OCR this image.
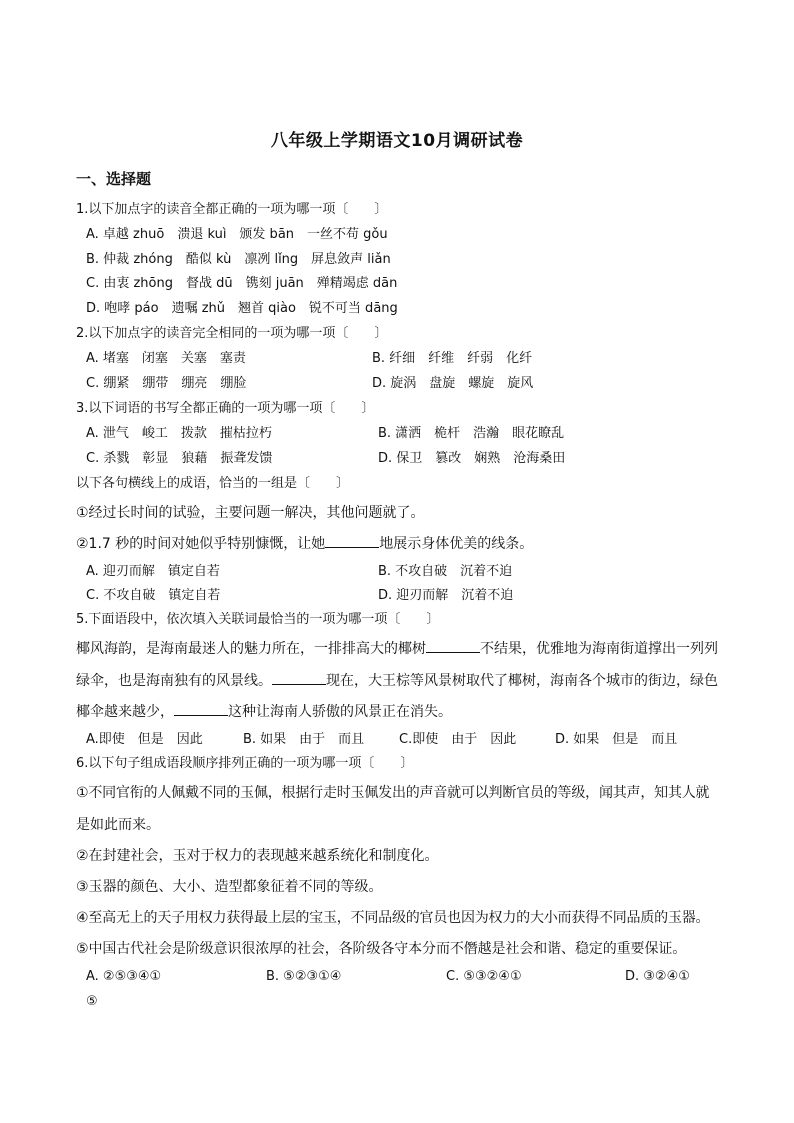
八年级上学期语文10月调研试卷
一、选择题
1.以下加点字的读音全都正确的一项为哪一项〔　　〕
A. 卓越 zhuō　溃退 kuì　颁发 bān　一丝不苟 gǒu
B. 仲裁 zhóng　酷似 kù　凛冽 lǐng　屏息敛声 liǎn
C. 由衷 zhōng　督战 dū　镌刻 juān　殚精竭虑 dān
D. 咆哮 páo　遗嘱 zhǔ　翘首 qiào　锐不可当 dāng
2.以下加点字的读音完全相同的一项为哪一项〔　　〕
A. 堵塞　闭塞　关塞　塞责	B. 纤细　纤维　纤弱　化纤
C. 绷紧　绷带　绷亮　绷脸	D. 旋涡　盘旋　螺旋　旋风
3.以下词语的书写全都正确的一项为哪一项〔　　〕
A. 泄气　峻工　拨款　摧枯拉朽	B. 潇洒　桅杆　浩瀚　眼花瞭乱
C. 杀戮　彰显　狼藉　振聋发馈	D. 保卫　篡改　娴熟　沧海桑田
以下各句横线上的成语，恰当的一组是〔　　〕
①经过长时间的试验，主要问题一解决，其他问题就了。
②1.7 秒的时间对她似乎特别慷慨，让她	地展示身体优美的线条。
A. 迎刃而解　镇定自若	B. 不攻自破　沉着不迫
C. 不攻自破　镇定自若	D. 迎刃而解　沉着不迫
5.下面语段中，依次填入关联词最恰当的一项为哪一项〔　　〕
椰风海韵，是海南最迷人的魅力所在，一排排高大的椰树	不结果，优雅地为海南街道撑出一列列
绿伞，也是海南独有的风景线。	现在，大王棕等风景树取代了椰树，海南各个城市的街边，绿色
椰伞越来越少，	这种让海南人骄傲的风景正在消失。
A.即使　但是　因此	B. 如果　由于　而且	C.即使　由于　因此	D. 如果　但是　而且
6.以下句子组成语段顺序排列正确的一项为哪一项〔　　〕
①不同官衔的人佩戴不同的玉佩，根据行走时玉佩发出的声音就可以判断官员的等级，闻其声，知其人就
是如此而来。
②在封建社会，玉对于权力的表现越来越系统化和制度化。
③玉器的颜色、大小、造型都象征着不同的等级。
④至高无上的天子用权力获得最上层的宝玉，不同品级的官员也因为权力的大小而获得不同品质的玉器。
⑤中国古代社会是阶级意识很浓厚的社会，各阶级各守本分而不僭越是社会和谐、稳定的重要保证。
A. ②⑤③④①	B. ⑤②③①④	C. ⑤③②④①	D. ③②④①
⑤
